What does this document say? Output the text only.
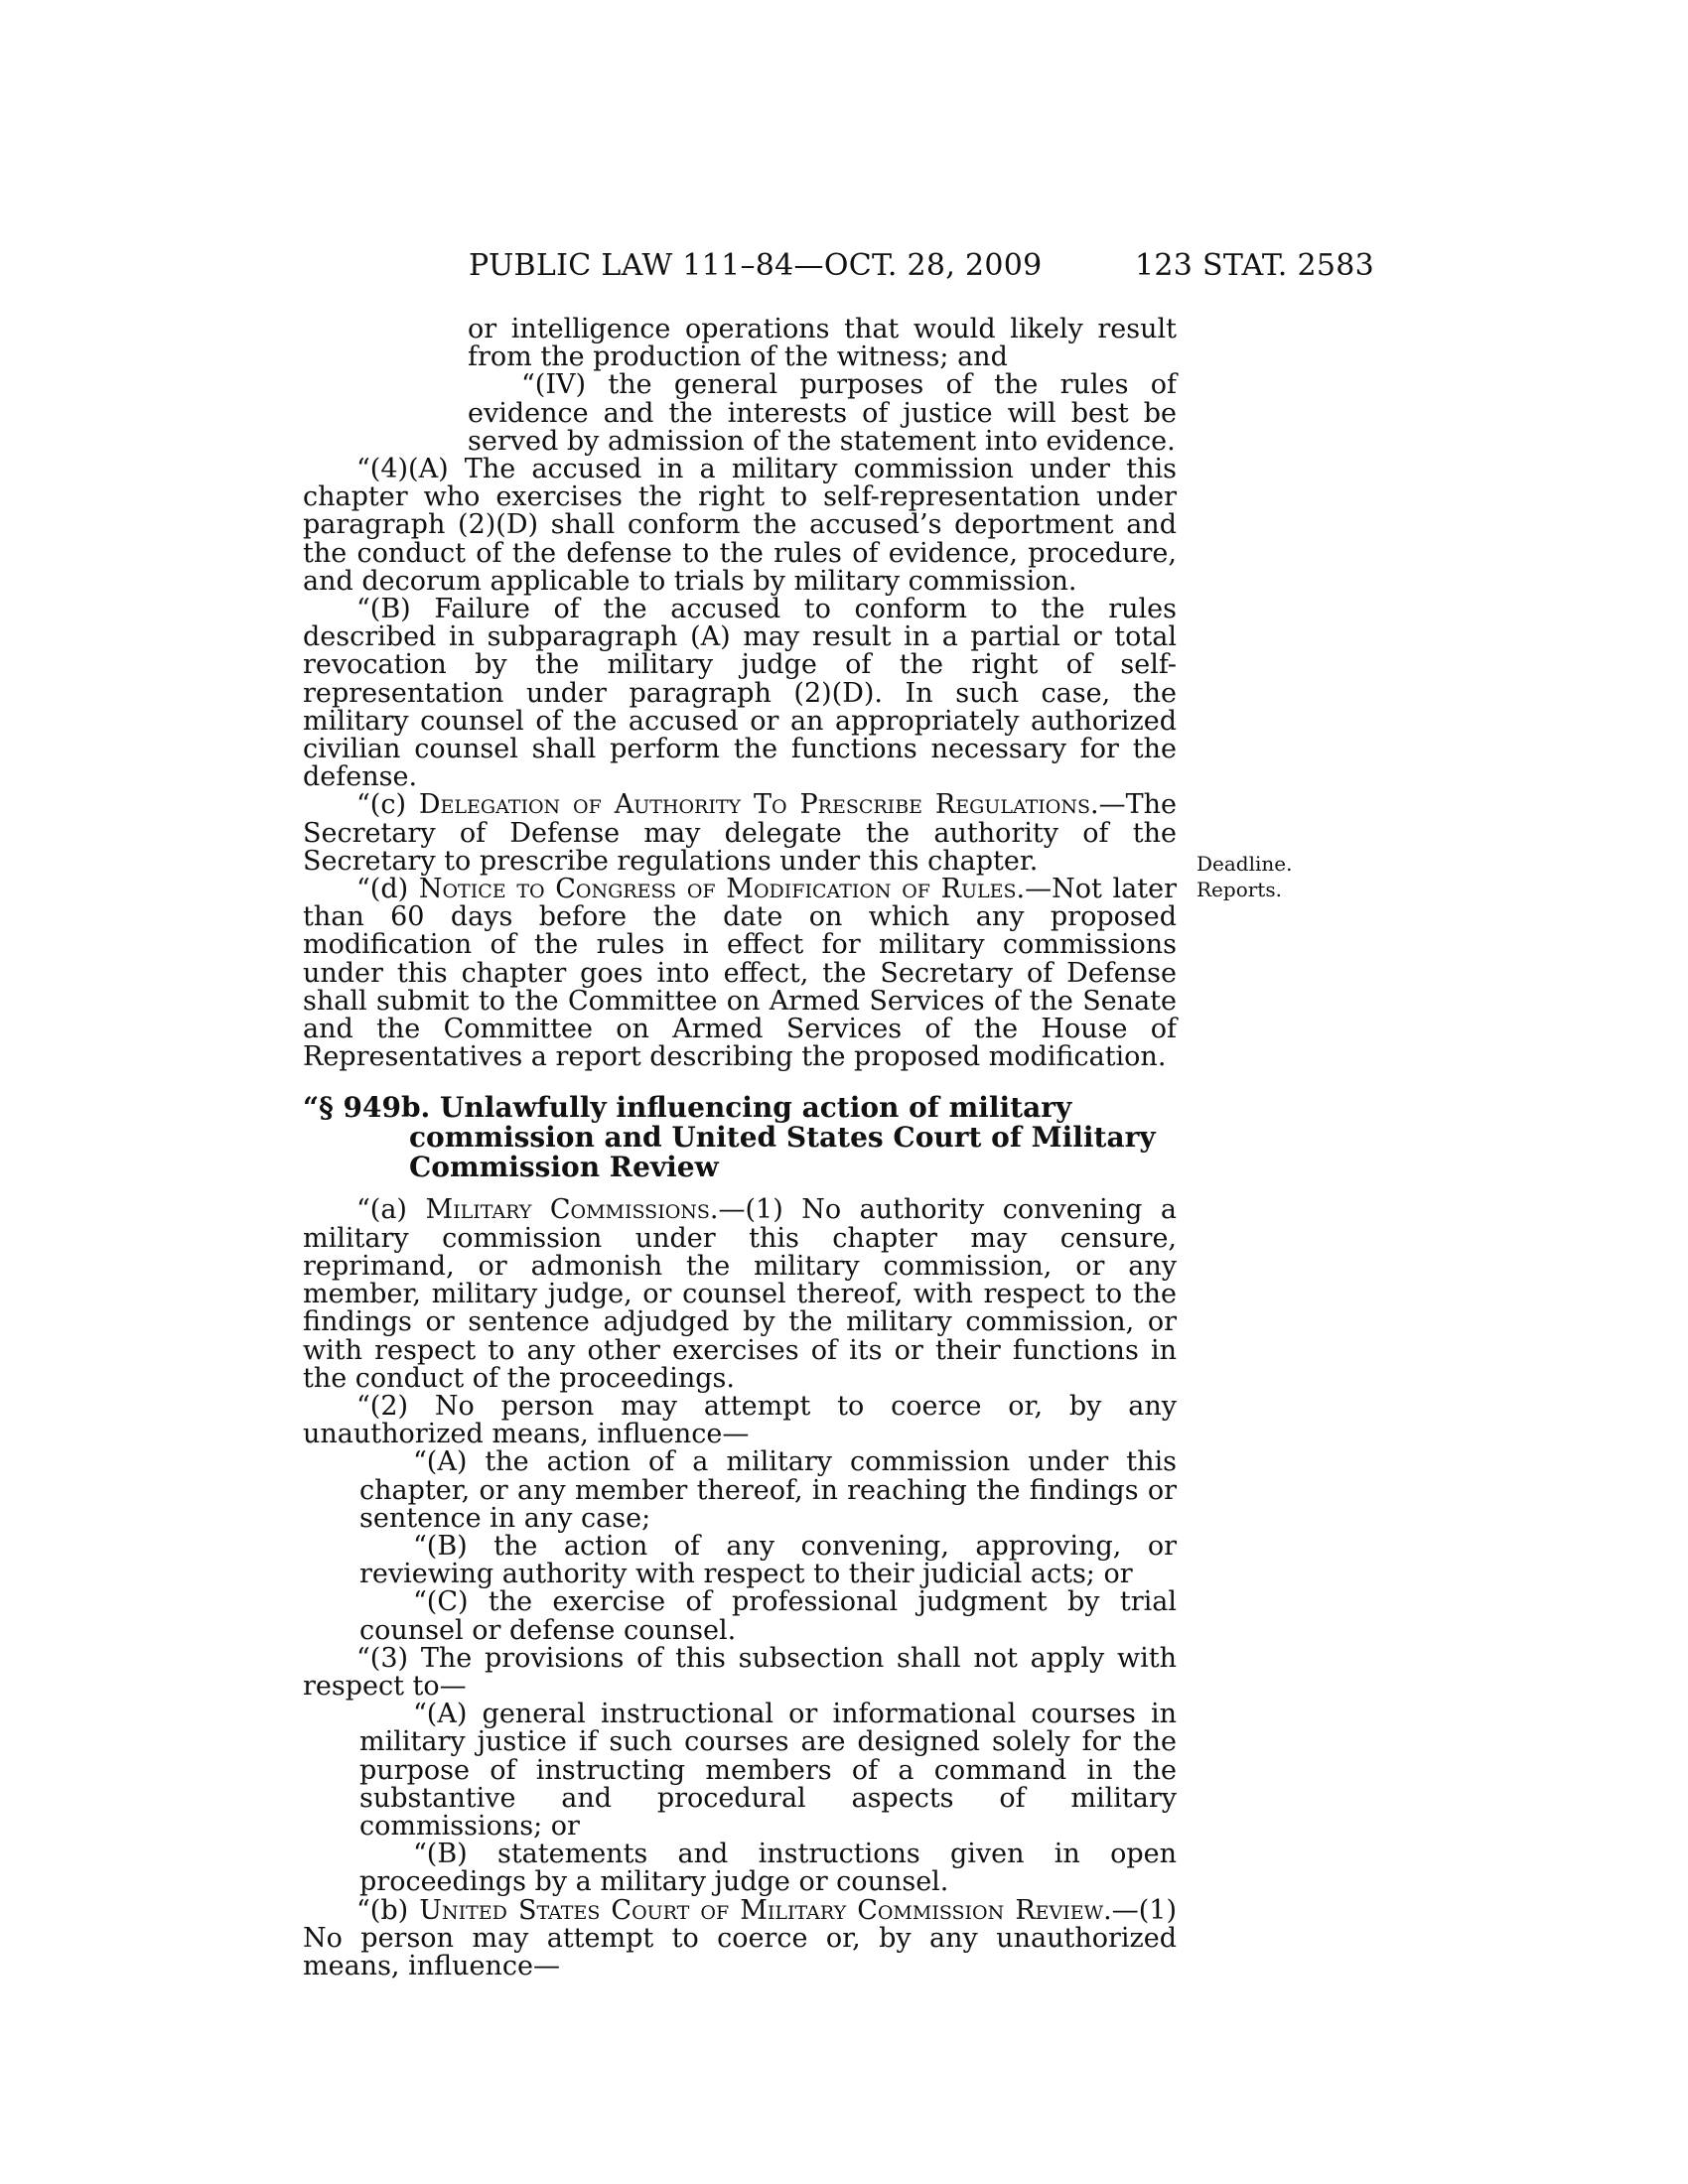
PUBLIC LAW 111–84—OCT. 28, 2009	123 STAT. 2583
Deadline.
Reports.

or intelligence operations that would likely result from the production of the witness; and

“(IV) the general purposes of the rules of evidence and the interests of justice will best be served by admission of the statement into evidence.

“(4)(A) The accused in a military commission under this chapter who exercises the right to self-representation under paragraph (2)(D) shall conform the accused’s deportment and the conduct of the defense to the rules of evidence, procedure, and decorum applicable to trials by military commission.

“(B) Failure of the accused to conform to the rules described in subparagraph (A) may result in a partial or total revocation by the military judge of the right of self-representation under paragraph (2)(D). In such case, the military counsel of the accused or an appropriately authorized civilian counsel shall perform the functions necessary for the defense.

“(c) Delegation of Authority To Prescribe Regulations.—The Secretary of Defense may delegate the authority of the Secretary to prescribe regulations under this chapter.

“(d) Notice to Congress of Modification of Rules.—Not later than 60 days before the date on which any proposed modification of the rules in effect for military commissions under this chapter goes into effect, the Secretary of Defense shall submit to the Committee on Armed Services of the Senate and the Committee on Armed Services of the House of Representatives a report describing the proposed modification.

“§ 949b. Unlawfully influencing action of military commission and United States Court of Military Commission Review

“(a) Military Commissions.—(1) No authority convening a military commission under this chapter may censure, reprimand, or admonish the military commission, or any member, military judge, or counsel thereof, with respect to the findings or sentence adjudged by the military commission, or with respect to any other exercises of its or their functions in the conduct of the proceedings.

“(2) No person may attempt to coerce or, by any unauthorized means, influence—

“(A) the action of a military commission under this chapter, or any member thereof, in reaching the findings or sentence in any case;

“(B) the action of any convening, approving, or reviewing authority with respect to their judicial acts; or

“(C) the exercise of professional judgment by trial counsel or defense counsel.

“(3) The provisions of this subsection shall not apply with respect to—

“(A) general instructional or informational courses in military justice if such courses are designed solely for the purpose of instructing members of a command in the substantive and procedural aspects of military commissions; or

“(B) statements and instructions given in open proceedings by a military judge or counsel.

“(b) United States Court of Military Commission Review.—(1) No person may attempt to coerce or, by any unauthorized means, influence—
